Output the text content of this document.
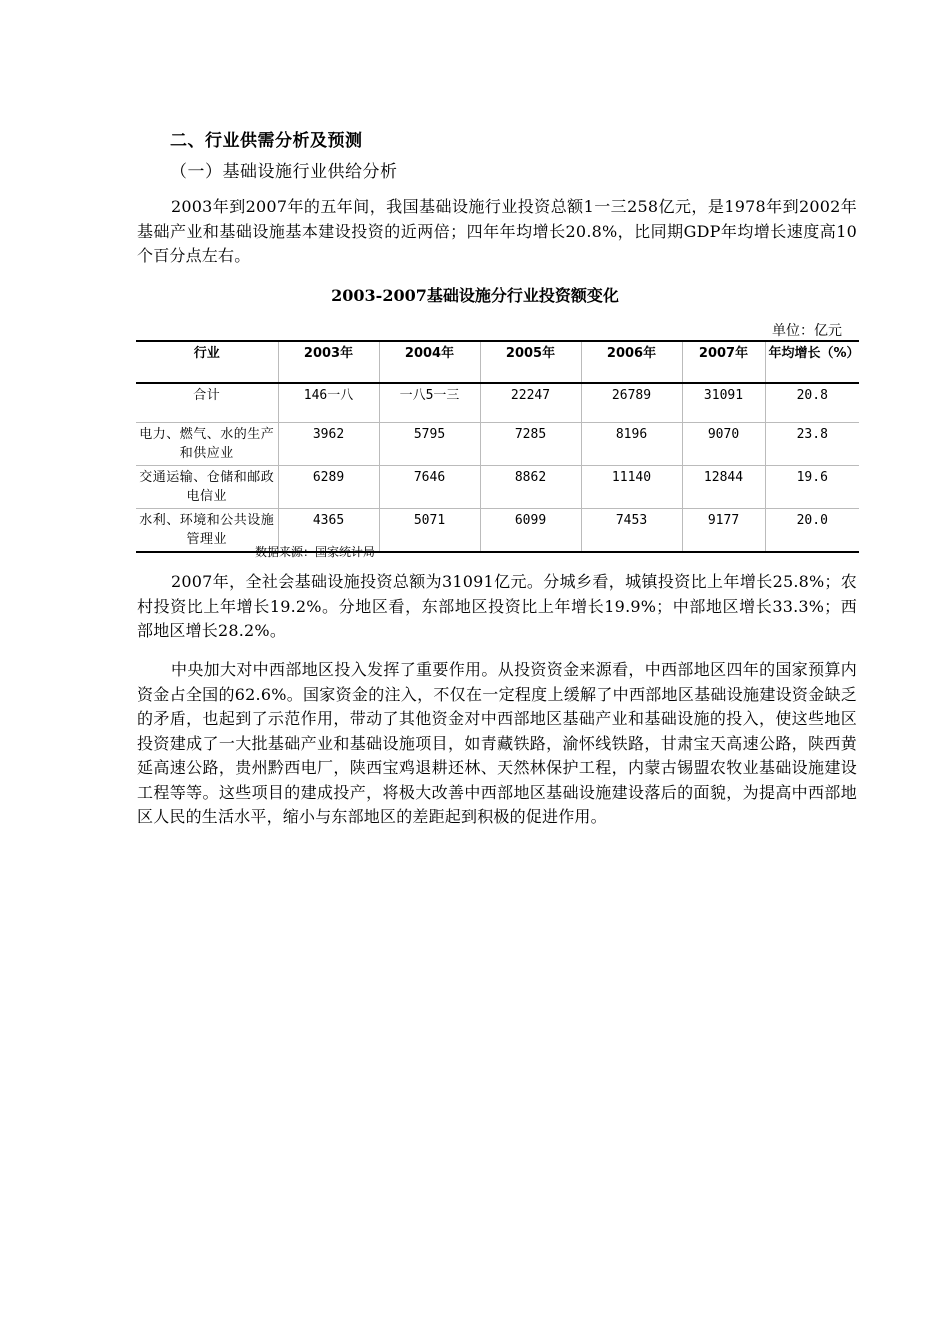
二、行业供需分析及预测
（一）基础设施行业供给分析

2003年到2007年的五年间，我国基础设施行业投资总额1一三258亿元，是1978年到2002年基础产业和基础设施基本建设投资的近两倍；四年年均增长20.8%，比同期GDP年均增长速度高10个百分点左右。

2003-2007基础设施分行业投资额变化
单位：亿元
行业	2003年	2004年	2005年	2006年	2007年	年均增长（%）
合计	146一八	一八5一三	22247	26789	31091	20.8
电力、燃气、水的生产和供应业	3962	5795	7285	8196	9070	23.8
交通运输、仓储和邮政电信业	6289	7646	8862	11140	12844	19.6
水利、环境和公共设施管理业	4365	5071	6099	7453	9177	20.0
数据来源：国家统计局

2007年，全社会基础设施投资总额为31091亿元。分城乡看，城镇投资比上年增长25.8%；农村投资比上年增长19.2%。分地区看，东部地区投资比上年增长19.9%；中部地区增长33.3%；西部地区增长28.2%。

中央加大对中西部地区投入发挥了重要作用。从投资资金来源看，中西部地区四年的国家预算内资金占全国的62.6%。国家资金的注入，不仅在一定程度上缓解了中西部地区基础设施建设资金缺乏的矛盾，也起到了示范作用，带动了其他资金对中西部地区基础产业和基础设施的投入，使这些地区投资建成了一大批基础产业和基础设施项目，如青藏铁路，渝怀线铁路，甘肃宝天高速公路，陕西黄延高速公路，贵州黔西电厂，陕西宝鸡退耕还林、天然林保护工程，内蒙古锡盟农牧业基础设施建设工程等等。这些项目的建成投产，将极大改善中西部地区基础设施建设落后的面貌，为提高中西部地区人民的生活水平，缩小与东部地区的差距起到积极的促进作用。
